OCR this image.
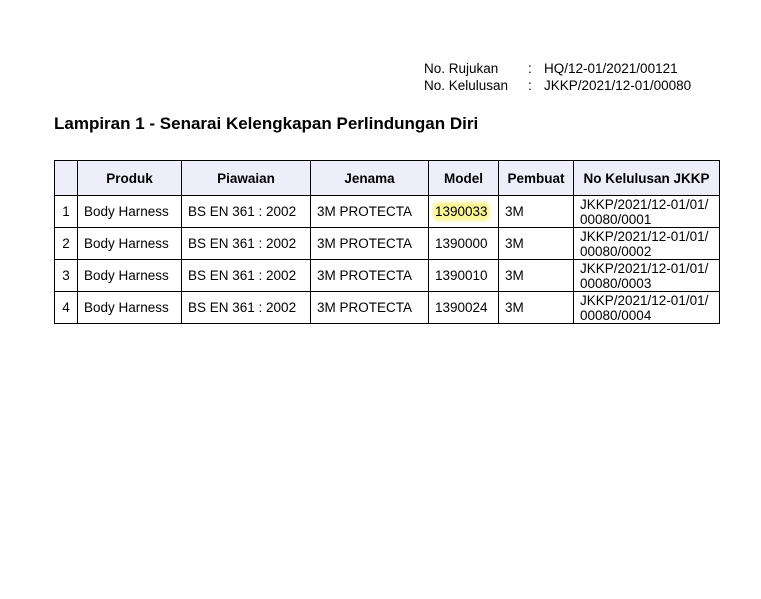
No. Rujukan	: HQ/12-01/2021/00121
No. Kelulusan	: JKKP/2021/12-01/00080
Lampiran 1 - Senarai Kelengkapan Perlindungan Diri
	Produk	Piawaian	Jenama	Model	Pembuat	No Kelulusan JKKP
1	Body Harness	BS EN 361 : 2002	3M PROTECTA	1390033	3M	JKKP/2021/12-01/01/00080/0001
2	Body Harness	BS EN 361 : 2002	3M PROTECTA	1390000	3M	JKKP/2021/12-01/01/00080/0002
3	Body Harness	BS EN 361 : 2002	3M PROTECTA	1390010	3M	JKKP/2021/12-01/01/00080/0003
4	Body Harness	BS EN 361 : 2002	3M PROTECTA	1390024	3M	JKKP/2021/12-01/01/00080/0004
